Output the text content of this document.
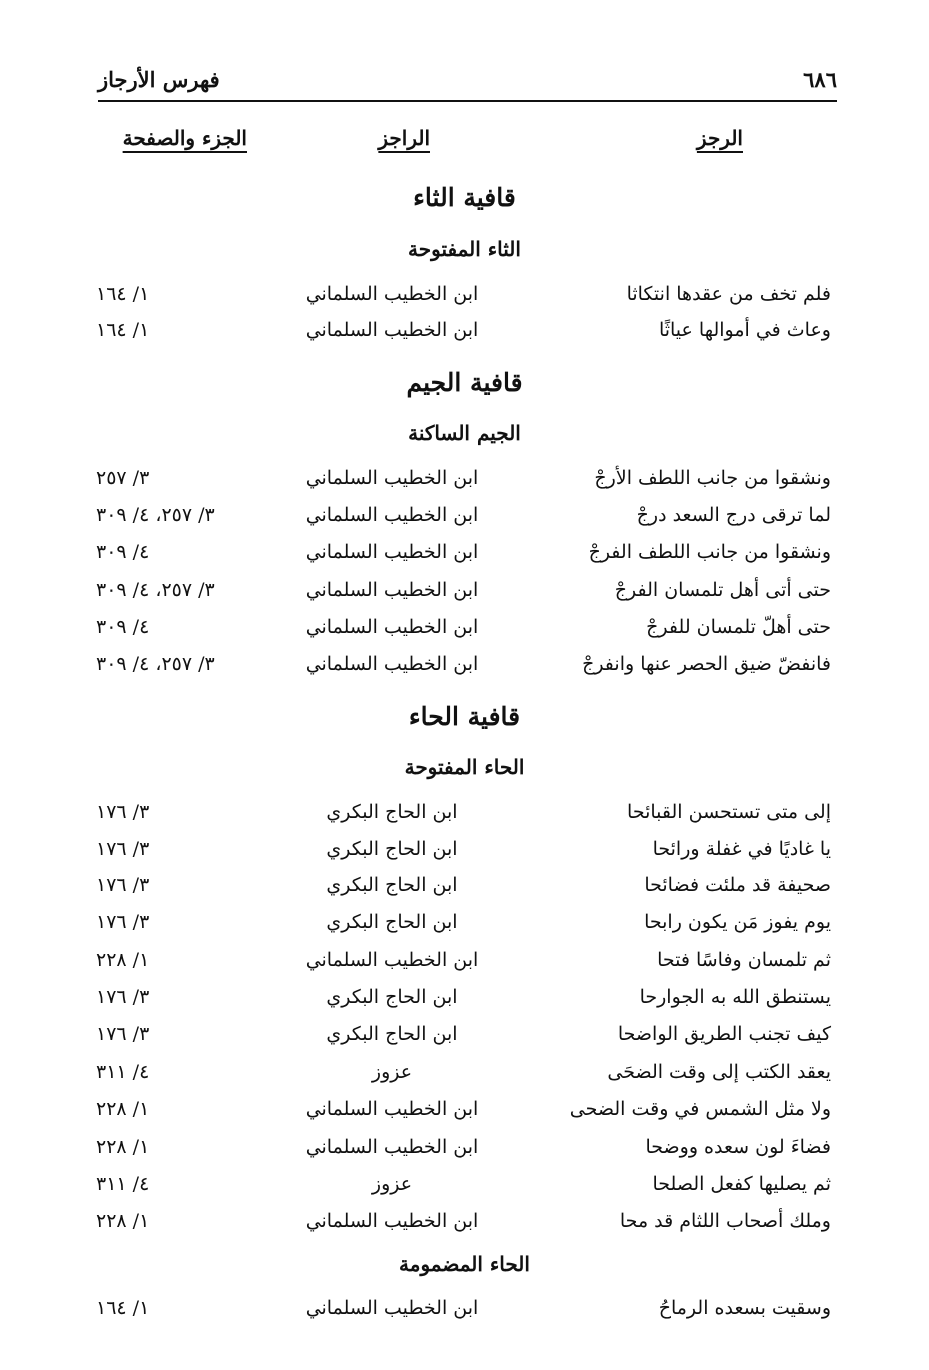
٦٨٦
فهرس الأرجاز
الرجز
الراجز
الجزء والصفحة
قافية الثاء
الثاء المفتوحة
فلم تخف من عقدها انتكاثا
ابن الخطيب السلماني
١/ ١٦٤
وعاث في أموالها عياثًا
ابن الخطيب السلماني
١/ ١٦٤
قافية الجيم
الجيم الساكنة
ونشقوا من جانب اللطف الأرجْ
ابن الخطيب السلماني
٣/ ٢٥٧
لما ترقى درج السعد درجْ
ابن الخطيب السلماني
٣/ ٢٥٧، ٤/ ٣٠٩
ونشقوا من جانب اللطف الفرجْ
ابن الخطيب السلماني
٤/ ٣٠٩
حتى أتى أهل تلمسان الفرجْ
ابن الخطيب السلماني
٣/ ٢٥٧، ٤/ ٣٠٩
حتى أهلّ تلمسان للفرجْ
ابن الخطيب السلماني
٤/ ٣٠٩
فانفضّ ضيق الحصر عنها وانفرجْ
ابن الخطيب السلماني
٣/ ٢٥٧، ٤/ ٣٠٩
قافية الحاء
الحاء المفتوحة
إلى متى تستحسن القبائحا
ابن الحاج البكري
٣/ ١٧٦
يا غاديًا في غفلة ورائحا
ابن الحاج البكري
٣/ ١٧٦
صحيفة قد ملئت فضائحا
ابن الحاج البكري
٣/ ١٧٦
يوم يفوز مَن يكون رابحا
ابن الحاج البكري
٣/ ١٧٦
ثم تلمسان وفاسًا فتحا
ابن الخطيب السلماني
١/ ٢٢٨
يستنطق الله به الجوارحا
ابن الحاج البكري
٣/ ١٧٦
كيف تجنب الطريق الواضحا
ابن الحاج البكري
٣/ ١٧٦
يعقد الكتب إلى وقت الضحَى
عزوز
٤/ ٣١١
ولا مثل الشمس في وقت الضحى
ابن الخطيب السلماني
١/ ٢٢٨
فضاءَ لون سعده ووضحا
ابن الخطيب السلماني
١/ ٢٢٨
ثم يصليها كفعل الصلحا
عزوز
٤/ ٣١١
وملك أصحاب اللثام قد محا
ابن الخطيب السلماني
١/ ٢٢٨
الحاء المضمومة
وسقيت بسعده الرماحُ
ابن الخطيب السلماني
١/ ١٦٤
